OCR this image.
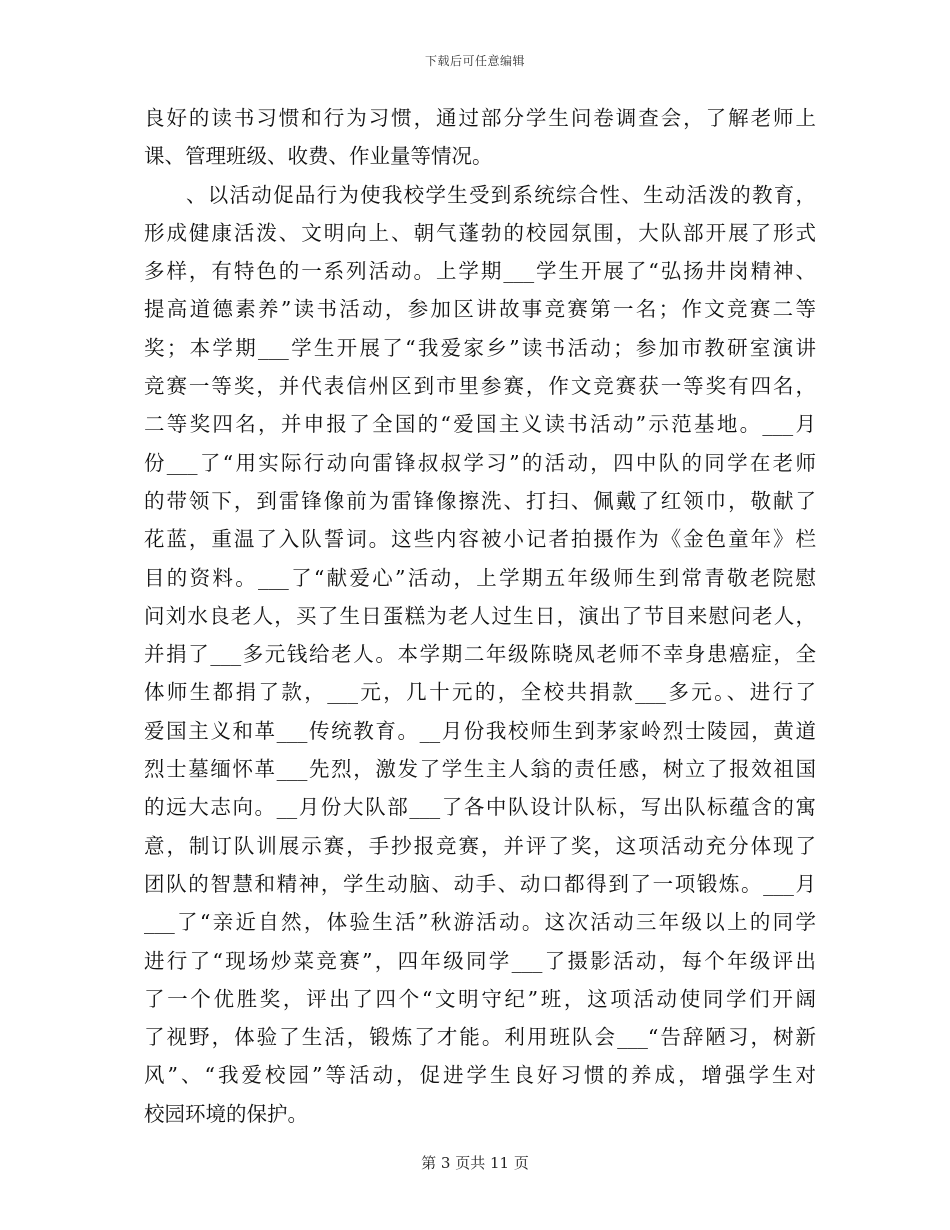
下载后可任意编辑
良好的读书习惯和行为习惯，通过部分学生问卷调查会，了解老师上
课、管理班级、收费、作业量等情况。
、以活动促品行为使我校学生受到系统综合性、生动活泼的教育，
形成健康活泼、文明向上、朝气蓬勃的校园氛围，大队部开展了形式
多样，有特色的一系列活动。上学期___学生开展了“弘扬井岗精神、
提高道德素养”读书活动，参加区讲故事竞赛第一名；作文竞赛二等
奖；本学期___学生开展了“我爱家乡”读书活动；参加市教研室演讲
竞赛一等奖，并代表信州区到市里参赛，作文竞赛获一等奖有四名，
二等奖四名，并申报了全国的“爱国主义读书活动”示范基地。___月
份___了“用实际行动向雷锋叔叔学习”的活动，四中队的同学在老师
的带领下，到雷锋像前为雷锋像擦洗、打扫、佩戴了红领巾，敬献了
花蓝，重温了入队誓词。这些内容被小记者拍摄作为《金色童年》栏
目的资料。___了“献爱心”活动，上学期五年级师生到常青敬老院慰
问刘水良老人，买了生日蛋糕为老人过生日，演出了节目来慰问老人，
并捐了___多元钱给老人。本学期二年级陈晓凤老师不幸身患癌症，全
体师生都捐了款，___元，几十元的，全校共捐款___多元。、进行了
爱国主义和革___传统教育。__月份我校师生到茅家岭烈士陵园，黄道
烈士墓缅怀革___先烈，激发了学生主人翁的责任感，树立了报效祖国
的远大志向。__月份大队部___了各中队设计队标，写出队标蕴含的寓
意，制订队训展示赛，手抄报竞赛，并评了奖，这项活动充分体现了
团队的智慧和精神，学生动脑、动手、动口都得到了一项锻炼。___月
___了“亲近自然，体验生活”秋游活动。这次活动三年级以上的同学
进行了“现场炒菜竞赛”，四年级同学___了摄影活动，每个年级评出
了一个优胜奖，评出了四个“文明守纪”班，这项活动使同学们开阔
了视野，体验了生活，锻炼了才能。利用班队会___“告辞陋习，树新
风”、“我爱校园”等活动，促进学生良好习惯的养成，增强学生对
校园环境的保护。
第 3 页共 11 页
